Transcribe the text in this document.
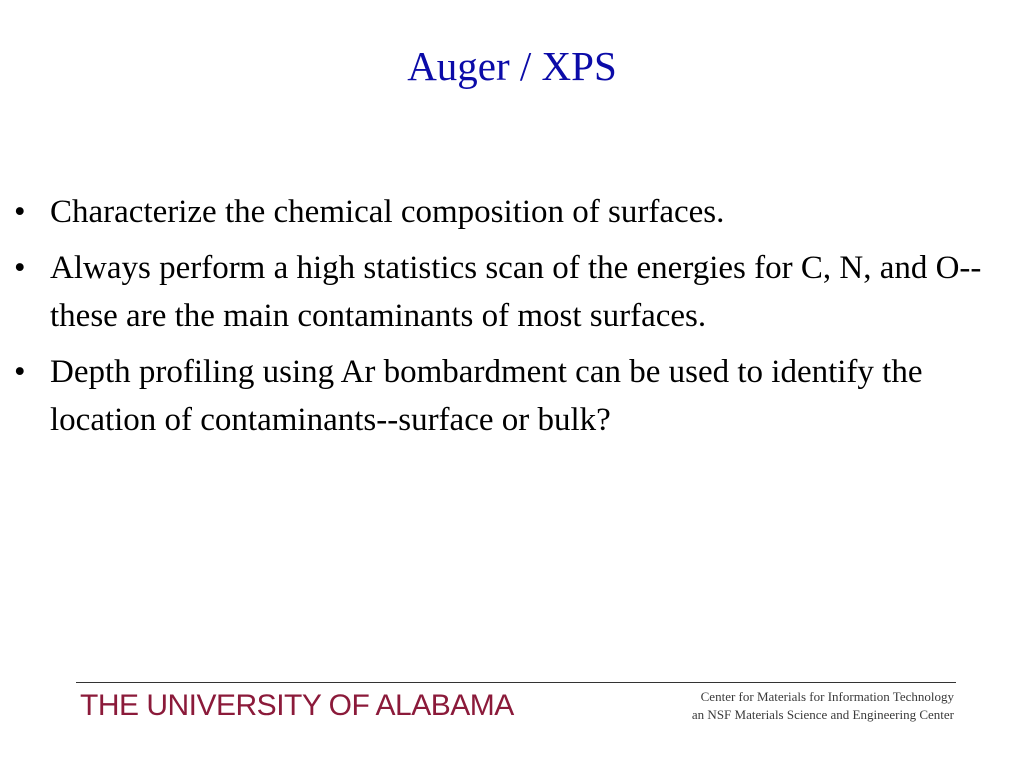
Auger / XPS
• Characterize the chemical composition of surfaces.
• Always perform a high statistics scan of the energies for C, N, and O-- these are the main contaminants of most surfaces.
• Depth profiling using Ar bombardment can be used to identify the location of contaminants--surface or bulk?
THE UNIVERSITY OF ALABAMA	Center for Materials for Information Technology
an NSF Materials Science and Engineering Center
